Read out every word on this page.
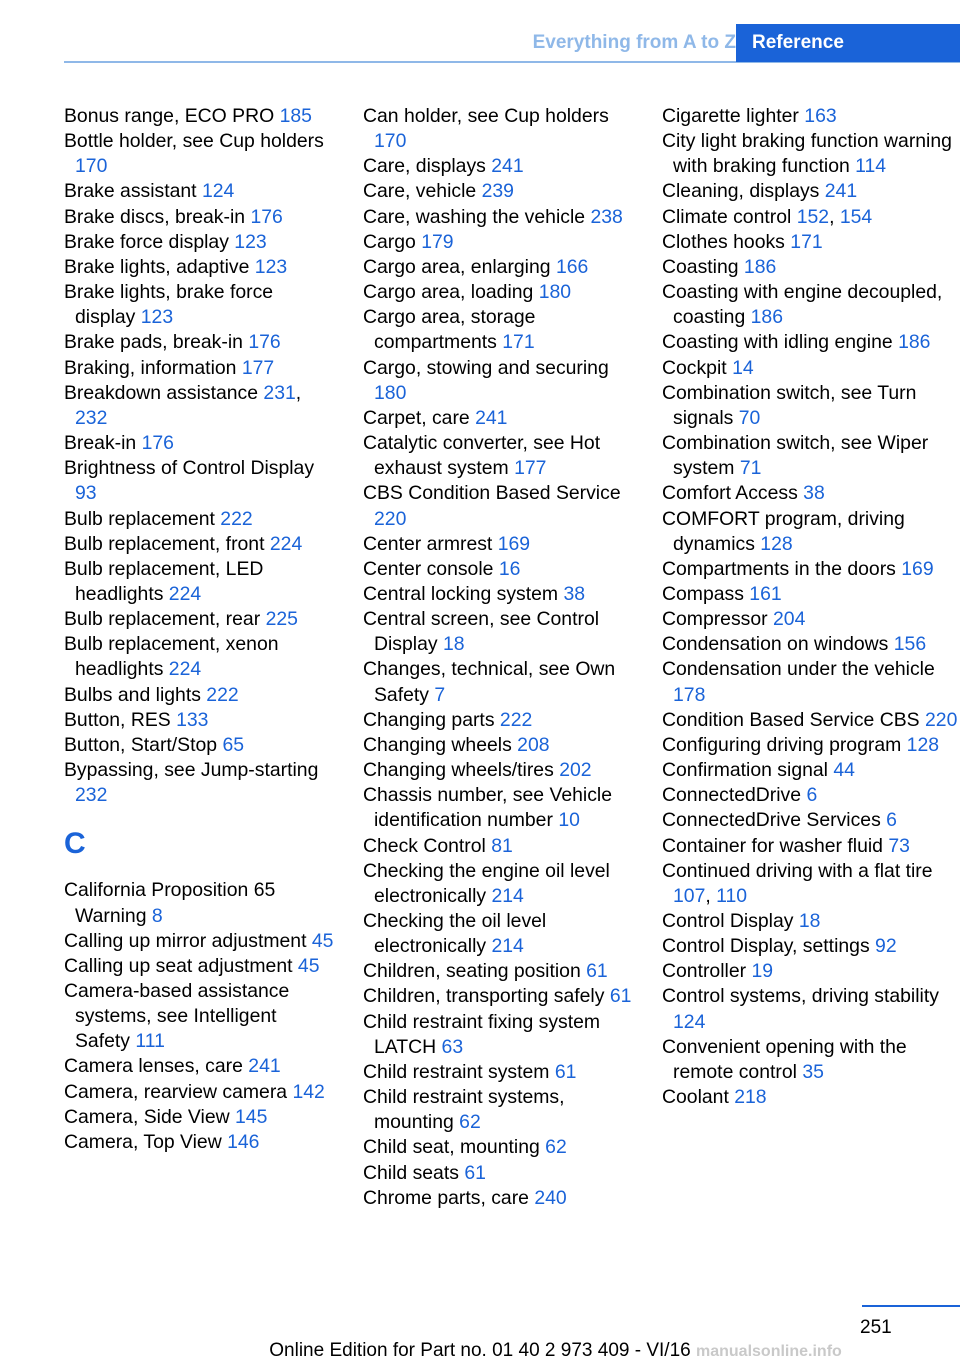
Everything from A to Z Reference
Bonus range, ECO PRO 185
Bottle holder, see Cup holders 170
Brake assistant 124
Brake discs, break-in 176
Brake force display 123
Brake lights, adaptive 123
Brake lights, brake force display 123
Brake pads, break-in 176
Braking, information 177
Breakdown assistance 231, 232
Break-in 176
Brightness of Control Display 93
Bulb replacement 222
Bulb replacement, front 224
Bulb replacement, LED headlights 224
Bulb replacement, rear 225
Bulb replacement, xenon headlights 224
Bulbs and lights 222
Button, RES 133
Button, Start/Stop 65
Bypassing, see Jump-starting 232
C
California Proposition 65 Warning 8
Calling up mirror adjustment 45
Calling up seat adjustment 45
Camera-based assistance systems, see Intelligent Safety 111
Camera lenses, care 241
Camera, rearview camera 142
Camera, Side View 145
Camera, Top View 146
Can holder, see Cup holders 170
Care, displays 241
Care, vehicle 239
Care, washing the vehicle 238
Cargo 179
Cargo area, enlarging 166
Cargo area, loading 180
Cargo area, storage compartments 171
Cargo, stowing and securing 180
Carpet, care 241
Catalytic converter, see Hot exhaust system 177
CBS Condition Based Service 220
Center armrest 169
Center console 16
Central locking system 38
Central screen, see Control Display 18
Changes, technical, see Own Safety 7
Changing parts 222
Changing wheels 208
Changing wheels/tires 202
Chassis number, see Vehicle identification number 10
Check Control 81
Checking the engine oil level electronically 214
Checking the oil level electronically 214
Children, seating position 61
Children, transporting safely 61
Child restraint fixing system LATCH 63
Child restraint system 61
Child restraint systems, mounting 62
Child seat, mounting 62
Child seats 61
Chrome parts, care 240
Cigarette lighter 163
City light braking function warning with braking function 114
Cleaning, displays 241
Climate control 152, 154
Clothes hooks 171
Coasting 186
Coasting with engine decoupled, coasting 186
Coasting with idling engine 186
Cockpit 14
Combination switch, see Turn signals 70
Combination switch, see Wiper system 71
Comfort Access 38
COMFORT program, driving dynamics 128
Compartments in the doors 169
Compass 161
Compressor 204
Condensation on windows 156
Condensation under the vehicle 178
Condition Based Service CBS 220
Configuring driving program 128
Confirmation signal 44
ConnectedDrive 6
ConnectedDrive Services 6
Container for washer fluid 73
Continued driving with a flat tire 107, 110
Control Display 18
Control Display, settings 92
Controller 19
Control systems, driving stability 124
Convenient opening with the remote control 35
Coolant 218
251
Online Edition for Part no. 01 40 2 973 409 - VI/16 manualsonline.info
